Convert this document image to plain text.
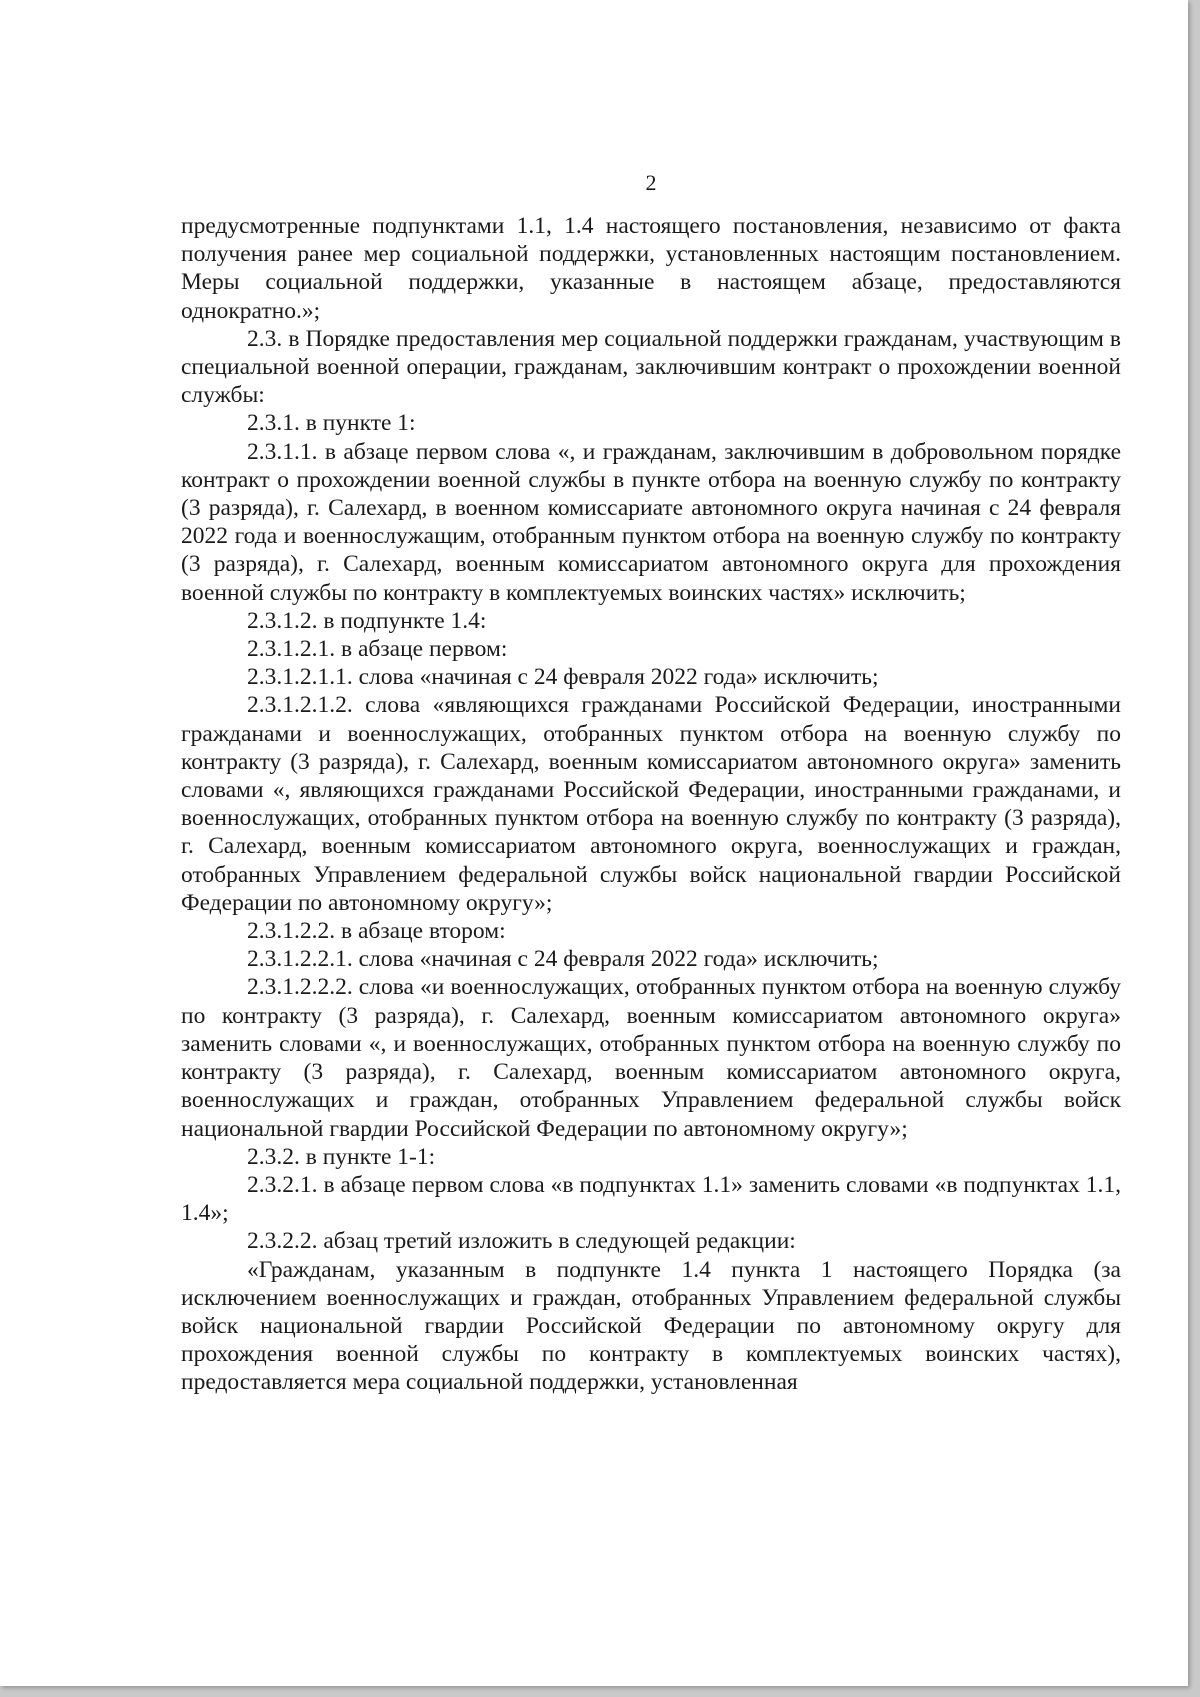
2

предусмотренные подпунктами 1.1, 1.4 настоящего постановления, независимо от факта получения ранее мер социальной поддержки, установленных настоящим постановлением. Меры социальной поддержки, указанные в настоящем абзаце, предоставляются однократно.»;

2.3. в Порядке предоставления мер социальной поддержки гражданам, участвующим в специальной военной операции, гражданам, заключившим контракт о прохождении военной службы:

2.3.1. в пункте 1:

2.3.1.1. в абзаце первом слова «, и гражданам, заключившим в добровольном порядке контракт о прохождении военной службы в пункте отбора на военную службу по контракту (3 разряда), г. Салехард, в военном комиссариате автономного округа начиная с 24 февраля 2022 года и военнослужащим, отобранным пунктом отбора на военную службу по контракту (3 разряда), г. Салехард, военным комиссариатом автономного округа для прохождения военной службы по контракту в комплектуемых воинских частях» исключить;

2.3.1.2. в подпункте 1.4:

2.3.1.2.1. в абзаце первом:

2.3.1.2.1.1. слова «начиная с 24 февраля 2022 года» исключить;

2.3.1.2.1.2. слова «являющихся гражданами Российской Федерации, иностранными гражданами и военнослужащих, отобранных пунктом отбора на военную службу по контракту (3 разряда), г. Салехард, военным комиссариатом автономного округа» заменить словами «, являющихся гражданами Российской Федерации, иностранными гражданами, и военнослужащих, отобранных пунктом отбора на военную службу по контракту (3 разряда), г. Салехард, военным комиссариатом автономного округа, военнослужащих и граждан, отобранных Управлением федеральной службы войск национальной гвардии Российской Федерации по автономному округу»;

2.3.1.2.2. в абзаце втором:

2.3.1.2.2.1. слова «начиная с 24 февраля 2022 года» исключить;

2.3.1.2.2.2. слова «и военнослужащих, отобранных пунктом отбора на военную службу по контракту (3 разряда), г. Салехард, военным комиссариатом автономного округа» заменить словами «, и военнослужащих, отобранных пунктом отбора на военную службу по контракту (3 разряда), г. Салехард, военным комиссариатом автономного округа, военнослужащих и граждан, отобранных Управлением федеральной службы войск национальной гвардии Российской Федерации по автономному округу»;

2.3.2. в пункте 1-1:

2.3.2.1. в абзаце первом слова «в подпунктах 1.1» заменить словами «в подпунктах 1.1, 1.4»;

2.3.2.2. абзац третий изложить в следующей редакции:

«Гражданам, указанным в подпункте 1.4 пункта 1 настоящего Порядка (за исключением военнослужащих и граждан, отобранных Управлением федеральной службы войск национальной гвардии Российской Федерации по автономному округу для прохождения военной службы по контракту в комплектуемых воинских частях), предоставляется мера социальной поддержки, установленная
